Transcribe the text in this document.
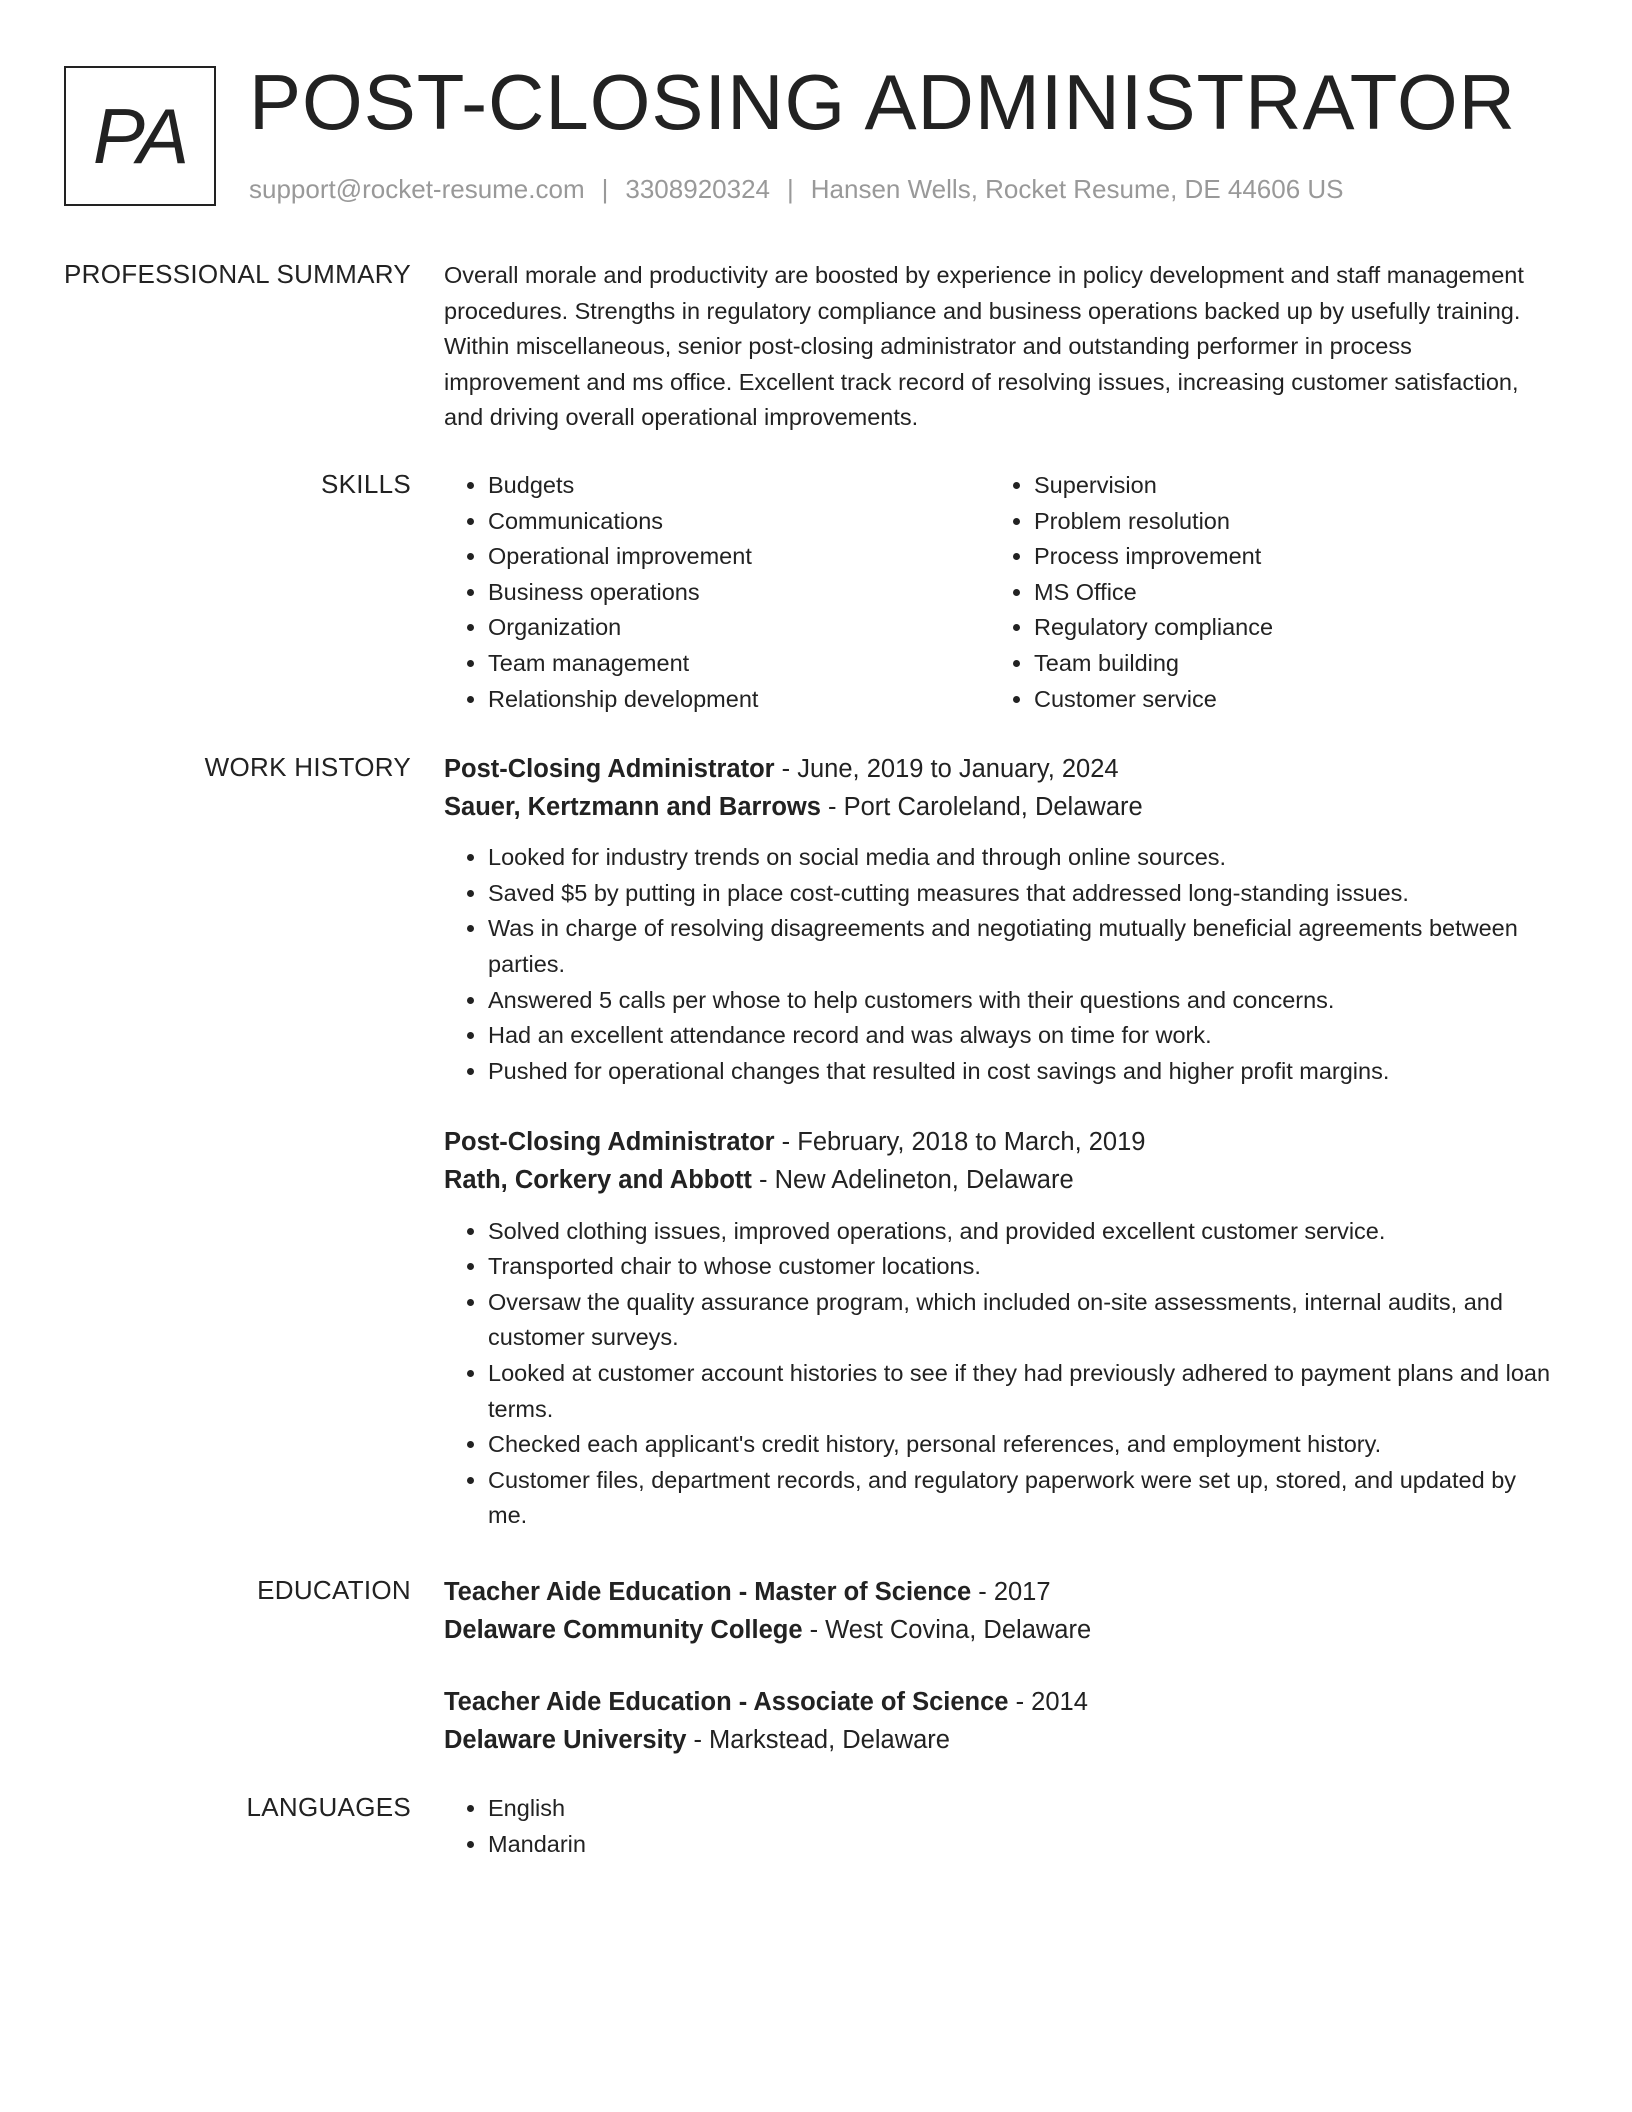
PA POST-CLOSING ADMINISTRATOR
support@rocket-resume.com | 3308920324 | Hansen Wells, Rocket Resume, DE 44606 US
PROFESSIONAL SUMMARY Overall morale and productivity are boosted by experience in policy development and staff management procedures. Strengths in regulatory compliance and business operations backed up by usefully training. Within miscellaneous, senior post-closing administrator and outstanding performer in process improvement and ms office. Excellent track record of resolving issues, increasing customer satisfaction, and driving overall operational improvements.

SKILLS	• Budgets
• Communications
• Operational improvement
• Business operations
• Organization
• Team management
• Relationship development
• Supervision
• Problem resolution
• Process improvement
• MS Office
• Regulatory compliance
• Team building
• Customer service
WORK HISTORY Post-Closing Administrator - June, 2019 to January, 2024
Sauer, Kertzmann and Barrows - Port Caroleland, Delaware
• Looked for industry trends on social media and through online sources.
• Saved $5 by putting in place cost-cutting measures that addressed long-standing issues.
• Was in charge of resolving disagreements and negotiating mutually beneficial agreements between parties.
• Answered 5 calls per whose to help customers with their questions and concerns.
• Had an excellent attendance record and was always on time for work.
• Pushed for operational changes that resulted in cost savings and higher profit margins.
Post-Closing Administrator - February, 2018 to March, 2019
Rath, Corkery and Abbott - New Adelineton, Delaware
• Solved clothing issues, improved operations, and provided excellent customer service.
• Transported chair to whose customer locations.
• Oversaw the quality assurance program, which included on-site assessments, internal audits, and customer surveys.
• Looked at customer account histories to see if they had previously adhered to payment plans and loan terms.
• Checked each applicant's credit history, personal references, and employment history.
• Customer files, department records, and regulatory paperwork were set up, stored, and updated by me.
EDUCATION Teacher Aide Education - Master of Science - 2017
Delaware Community College - West Covina, Delaware
Teacher Aide Education - Associate of Science - 2014
Delaware University - Markstead, Delaware
LANGUAGES	• English
• Mandarin
